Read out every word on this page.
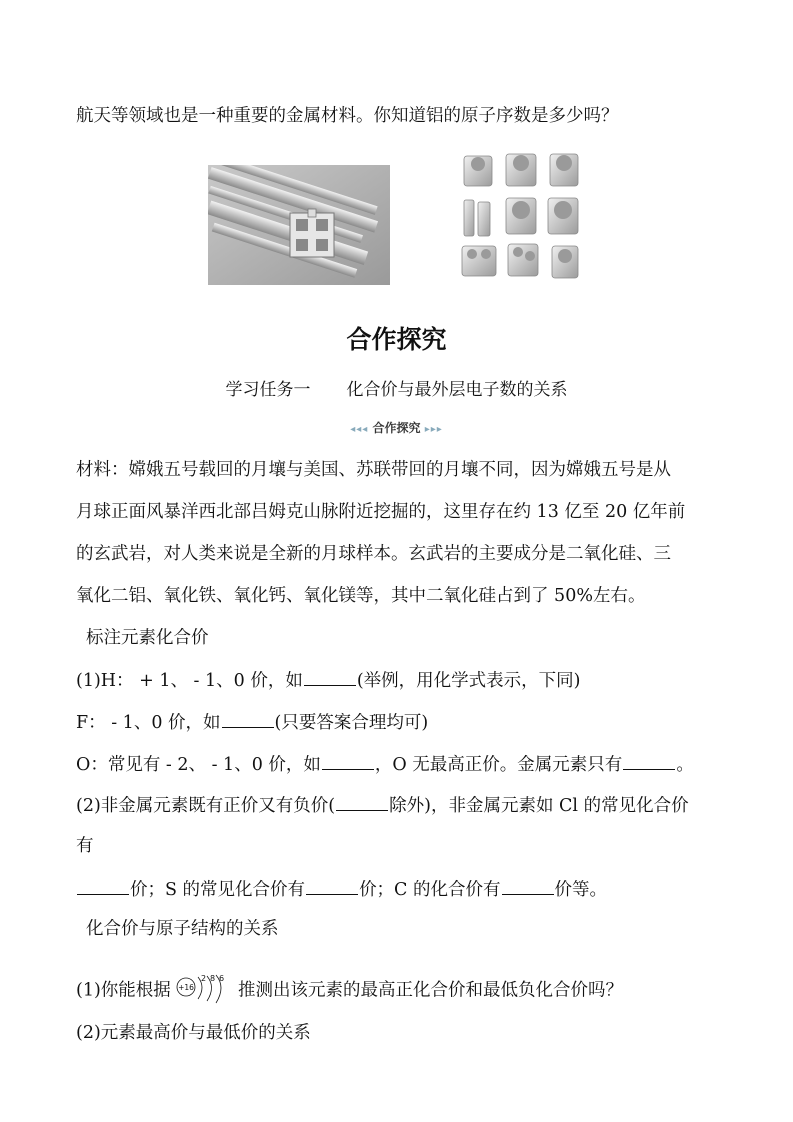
航天等领域也是一种重要的金属材料。你知道铝的原子序数是多少吗？
合作探究
学习任务一 化合价与最外层电子数的关系
◂◂◂ 合作探究 ▸▸▸
材料：嫦娥五号载回的月壤与美国、苏联带回的月壤不同，因为嫦娥五号是从
月球正面风暴洋西北部吕姆克山脉附近挖掘的，这里存在约 13 亿至 20 亿年前
的玄武岩，对人类来说是全新的月球样本。玄武岩的主要成分是二氧化硅、三
氧化二铝、氧化铁、氧化钙、氧化镁等，其中二氧化硅占到了 50%左右。
标注元素化合价
(1)H： + 1、 - 1、0 价，如	(举例，用化学式表示，下同)
F： - 1、0 价，如	(只要答案合理均可)
O：常见有 - 2、 - 1、0 价，如	，O 无最高正价。金属元素只有	。
(2)非金属元素既有正价又有负价(	除外)，非金属元素如 Cl 的常见化合价
有
价；S 的常见化合价有	价；C 的化合价有	价等。
化合价与原子结构的关系
(1)你能根据 +16
2 8 6
推测出该元素的最高正化合价和最低负化合价吗？
(2)元素最高价与最低价的关系
